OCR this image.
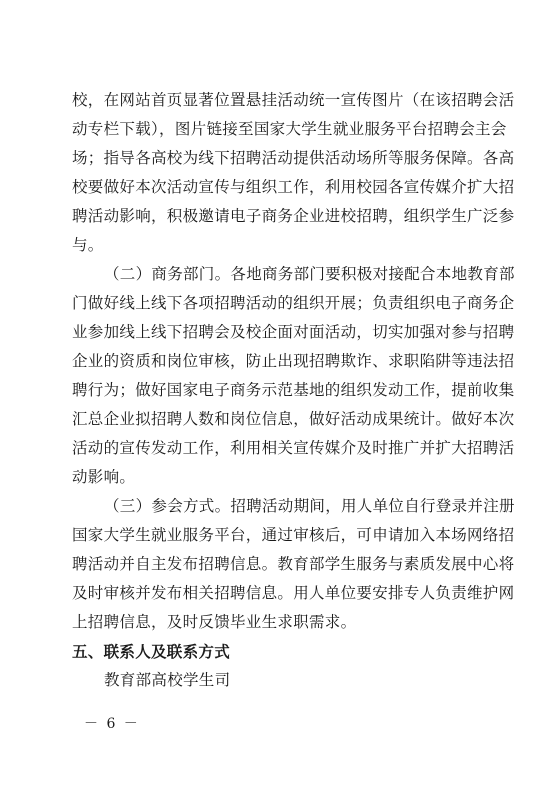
校，在网站首页显著位置悬挂活动统一宣传图片（在该招聘会活
动专栏下载），图片链接至国家大学生就业服务平台招聘会主会
场；指导各高校为线下招聘活动提供活动场所等服务保障。各高
校要做好本次活动宣传与组织工作，利用校园各宣传媒介扩大招
聘活动影响，积极邀请电子商务企业进校招聘，组织学生广泛参
与。
（二）商务部门。各地商务部门要积极对接配合本地教育部
门做好线上线下各项招聘活动的组织开展；负责组织电子商务企
业参加线上线下招聘会及校企面对面活动，切实加强对参与招聘
企业的资质和岗位审核，防止出现招聘欺诈、求职陷阱等违法招
聘行为；做好国家电子商务示范基地的组织发动工作，提前收集
汇总企业拟招聘人数和岗位信息，做好活动成果统计。做好本次
活动的宣传发动工作，利用相关宣传媒介及时推广并扩大招聘活
动影响。
（三）参会方式。招聘活动期间，用人单位自行登录并注册
国家大学生就业服务平台，通过审核后，可申请加入本场网络招
聘活动并自主发布招聘信息。教育部学生服务与素质发展中心将
及时审核并发布相关招聘信息。用人单位要安排专人负责维护网
上招聘信息，及时反馈毕业生求职需求。
五、联系人及联系方式
教育部高校学生司
－ 6 －
